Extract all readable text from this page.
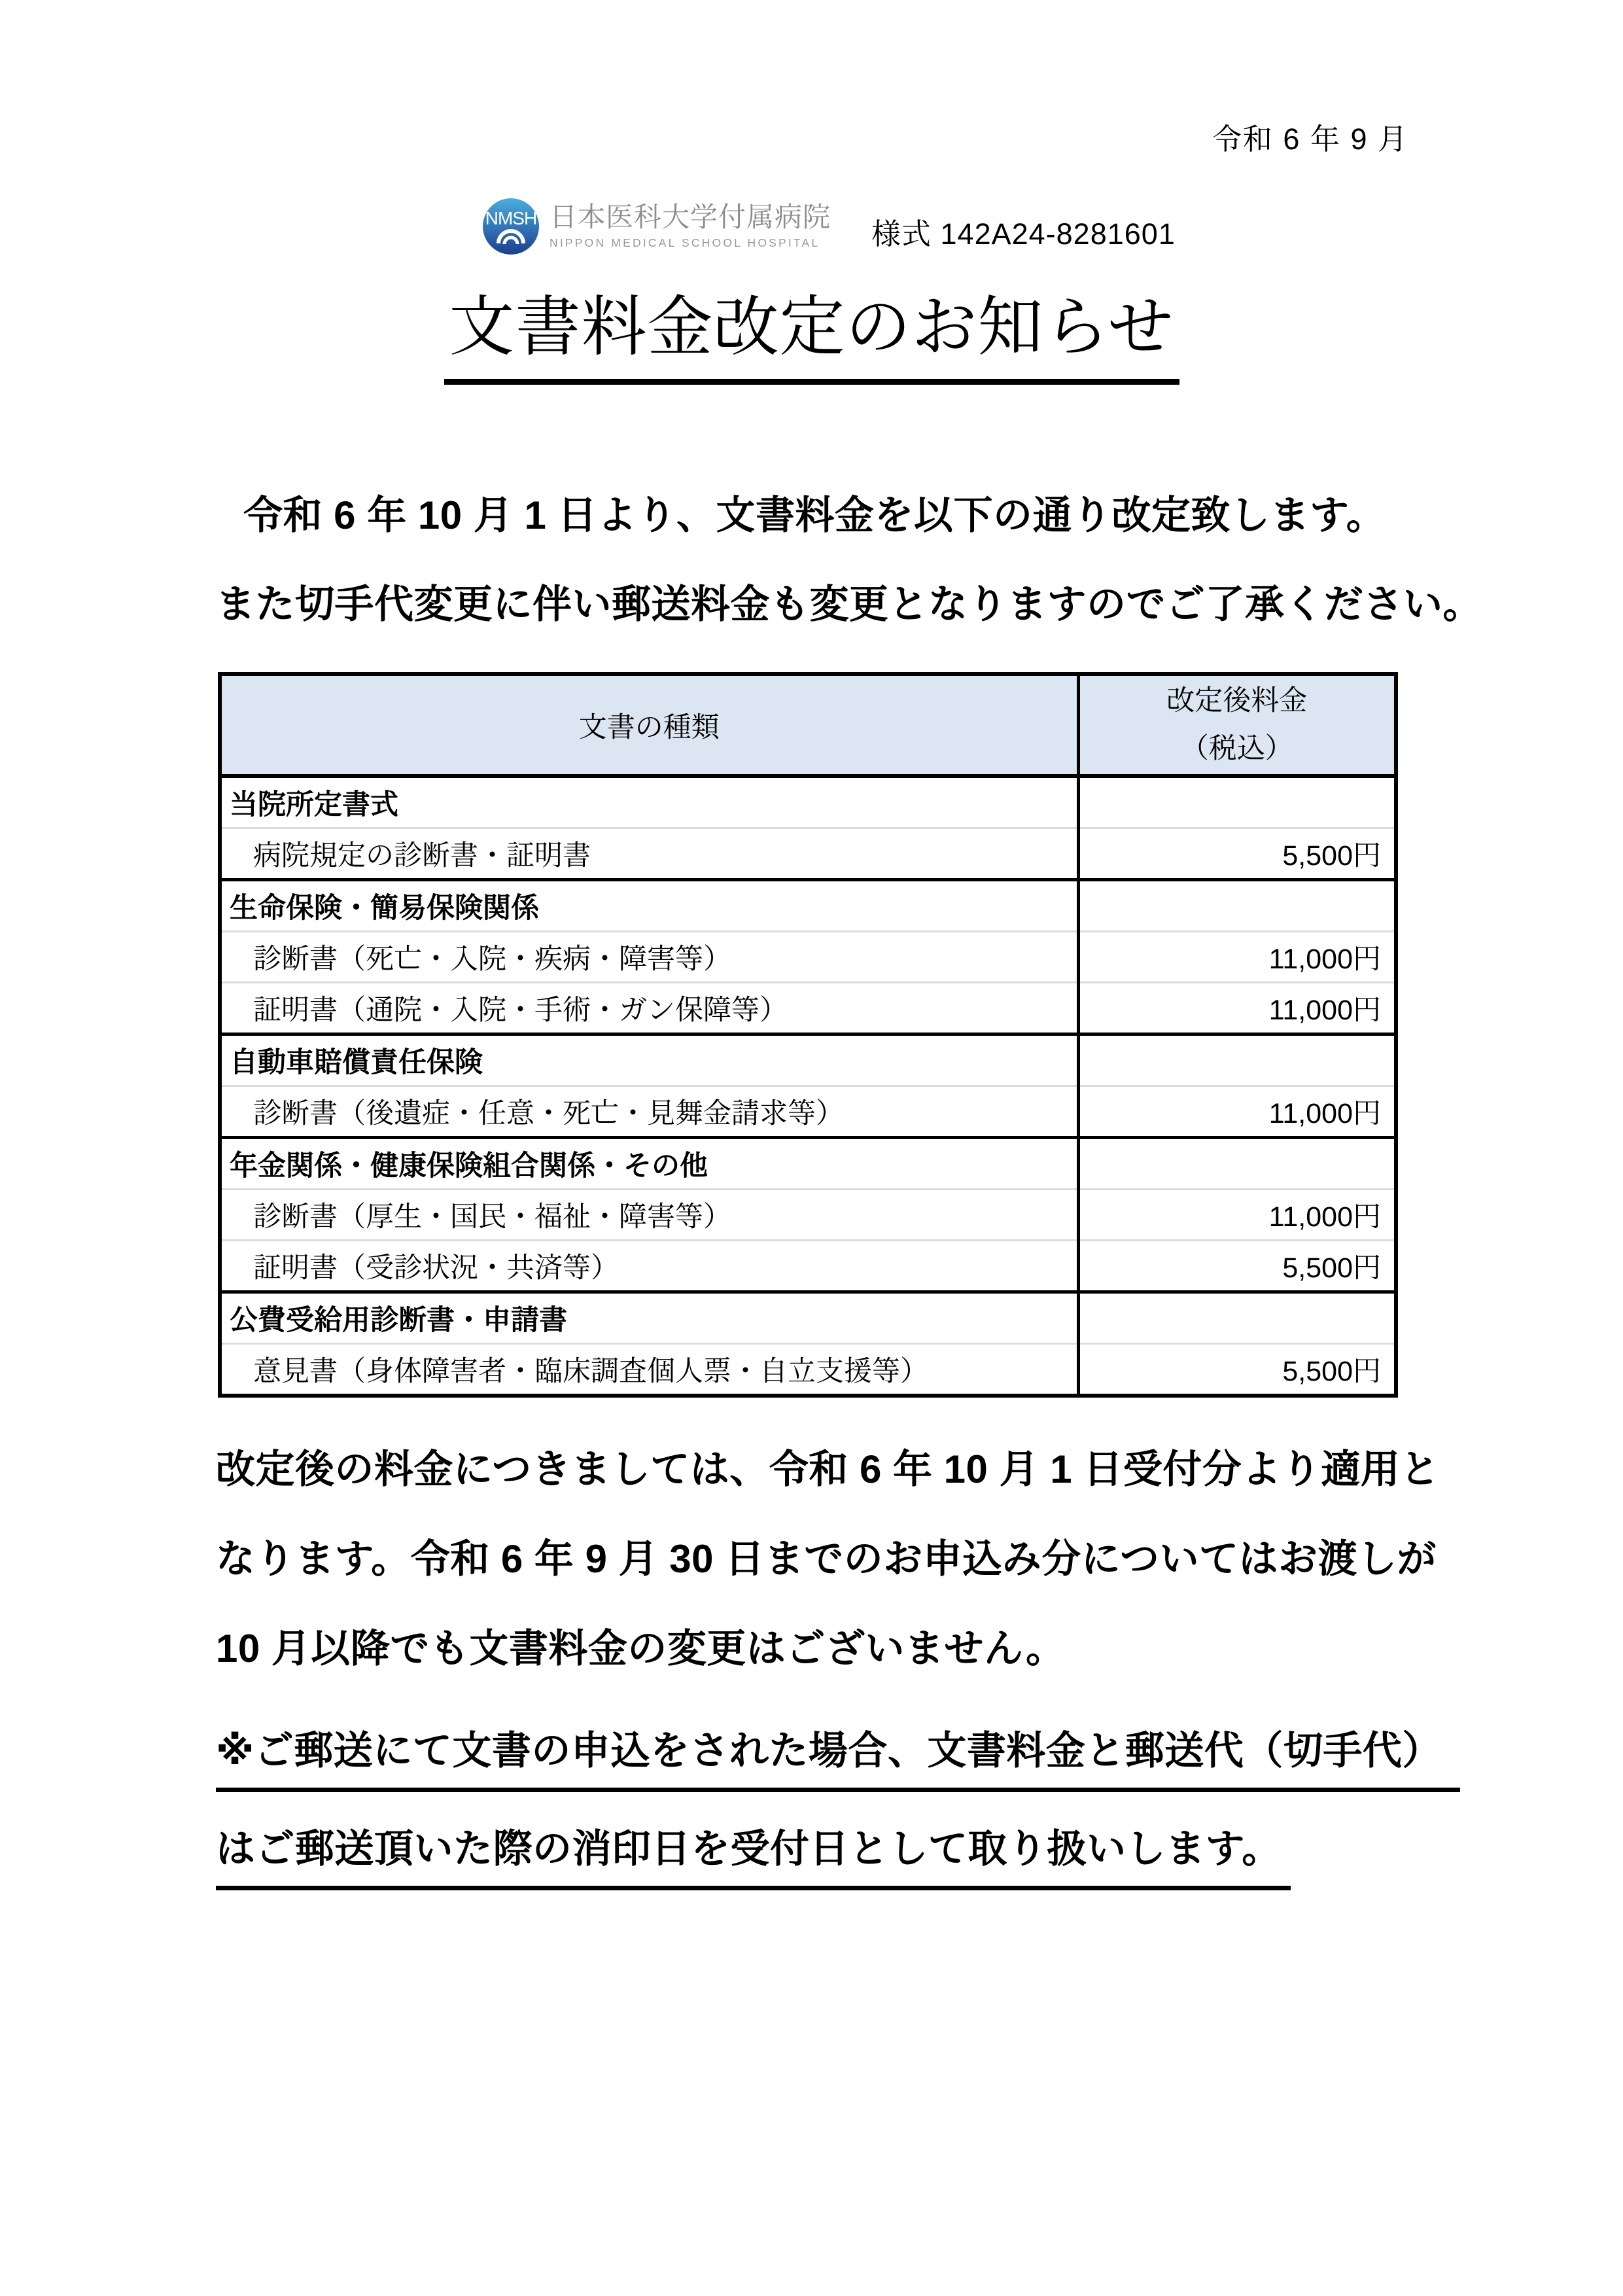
令和 6 年 9 月
NMSH 日本医科大学付属病院
NIPPON MEDICAL SCHOOL HOSPITAL	様式 142A24-8281601
文書料金改定のお知らせ

令和 6 年 10 月 1 日より、文書料金を以下の通り改定致します。

また切手代変更に伴い郵送料金も変更となりますのでご了承ください。

文書の種類	改定後料金
（税込）

当院所定書式	
病院規定の診断書・証明書	5,500円
生命保険・簡易保険関係	
診断書（死亡・入院・疾病・障害等）	11,000円
証明書（通院・入院・手術・ガン保障等）	11,000円
自動車賠償責任保険	
診断書（後遺症・任意・死亡・見舞金請求等）	11,000円
年金関係・健康保険組合関係・その他	
診断書（厚生・国民・福祉・障害等）	11,000円
証明書（受診状況・共済等）	5,500円
公費受給用診断書・申請書	
意見書（身体障害者・臨床調査個人票・自立支援等）	5,500円

改定後の料金につきましては、令和 6 年 10 月 1 日受付分より適用と

なります。令和 6 年 9 月 30 日までのお申込み分についてはお渡しが

10 月以降でも文書料金の変更はございません。

※ご郵送にて文書の申込をされた場合、文書料金と郵送代（切手代）

はご郵送頂いた際の消印日を受付日として取り扱いします。
